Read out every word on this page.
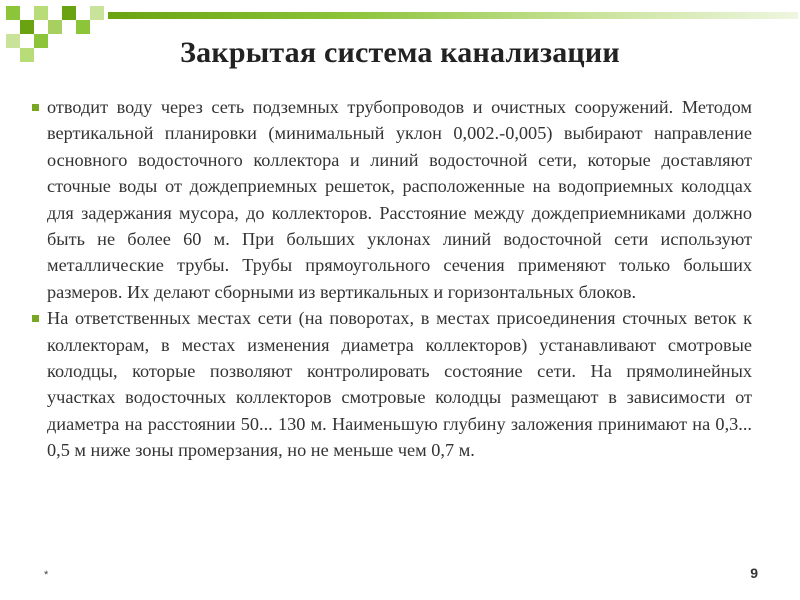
Закрытая система канализации

отводит воду через сеть подземных трубопроводов и очистных сооружений. Методом вертикальной планировки (минимальный уклон 0,002.-0,005) выбирают направление основного водосточного коллектора и линий водосточной сети, которые доставляют сточные воды от дождеприемных решеток, расположенные на водоприемных колодцах для задержания мусора, до коллекторов. Расстояние между дождеприемниками должно быть не более 60 м. При больших уклонах линий водосточной сети используют металлические трубы. Трубы прямоугольного сечения применяют только больших размеров. Их делают сборными из вертикальных и горизонтальных блоков.

На ответственных местах сети (на поворотах, в местах присоединения сточных веток к коллекторам, в местах изменения диаметра коллекторов) устанавливают смотровые колодцы, которые позволяют контролировать состояние сети. На прямолинейных участках водосточных коллекторов смотровые колодцы размещают в зависимости от диаметра на расстоянии 50... 130 м. Наименьшую глубину заложения принимают на 0,3... 0,5 м ниже зоны промерзания, но не меньше чем 0,7 м.

*	9
